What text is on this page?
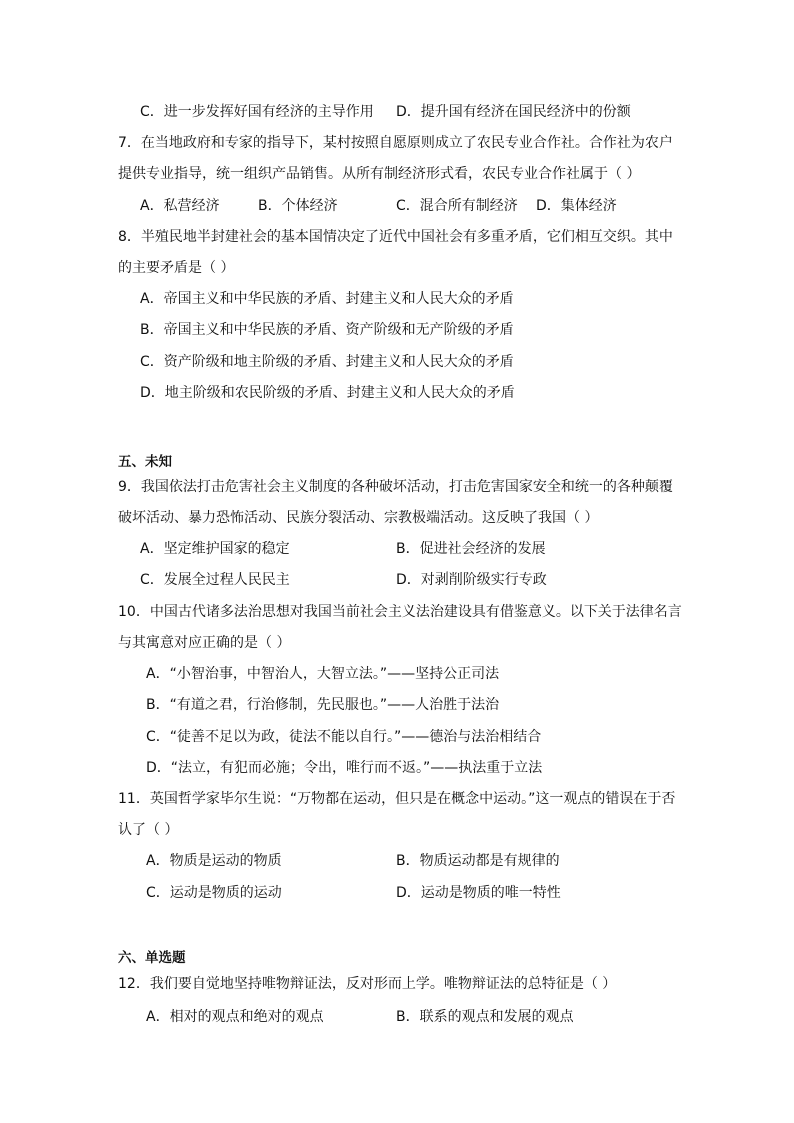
C．进一步发挥好国有经济的主导作用 D．提升国有经济在国民经济中的份额
7．在当地政府和专家的指导下，某村按照自愿原则成立了农民专业合作社。合作社为农户
提供专业指导，统一组织产品销售。从所有制经济形式看，农民专业合作社属于（ ）
A．私营经济	B．个体经济	C．混合所有制经济 D．集体经济
8．半殖民地半封建社会的基本国情决定了近代中国社会有多重矛盾，它们相互交织。其中
的主要矛盾是（ ）
A．帝国主义和中华民族的矛盾、封建主义和人民大众的矛盾
B．帝国主义和中华民族的矛盾、资产阶级和无产阶级的矛盾
C．资产阶级和地主阶级的矛盾、封建主义和人民大众的矛盾
D．地主阶级和农民阶级的矛盾、封建主义和人民大众的矛盾
五、未知
9．我国依法打击危害社会主义制度的各种破坏活动，打击危害国家安全和统一的各种颠覆
破坏活动、暴力恐怖活动、民族分裂活动、宗教极端活动。这反映了我国（ ）
A．坚定维护国家的稳定	B．促进社会经济的发展
C．发展全过程人民民主	D．对剥削阶级实行专政
10．中国古代诸多法治思想对我国当前社会主义法治建设具有借鉴意义。以下关于法律名言
与其寓意对应正确的是（ ）
A．“小智治事，中智治人，大智立法。”——坚持公正司法
B．“有道之君，行治修制，先民服也。”——人治胜于法治
C．“徒善不足以为政，徒法不能以自行。”——德治与法治相结合
D．“法立，有犯而必施；令出，唯行而不返。”——执法重于立法
11．英国哲学家毕尔生说：“万物都在运动，但只是在概念中运动。”这一观点的错误在于否
认了（ ）
A．物质是运动的物质	B．物质运动都是有规律的
C．运动是物质的运动	D．运动是物质的唯一特性
六、单选题
12．我们要自觉地坚持唯物辩证法，反对形而上学。唯物辩证法的总特征是（ ）
A．相对的观点和绝对的观点	B．联系的观点和发展的观点
